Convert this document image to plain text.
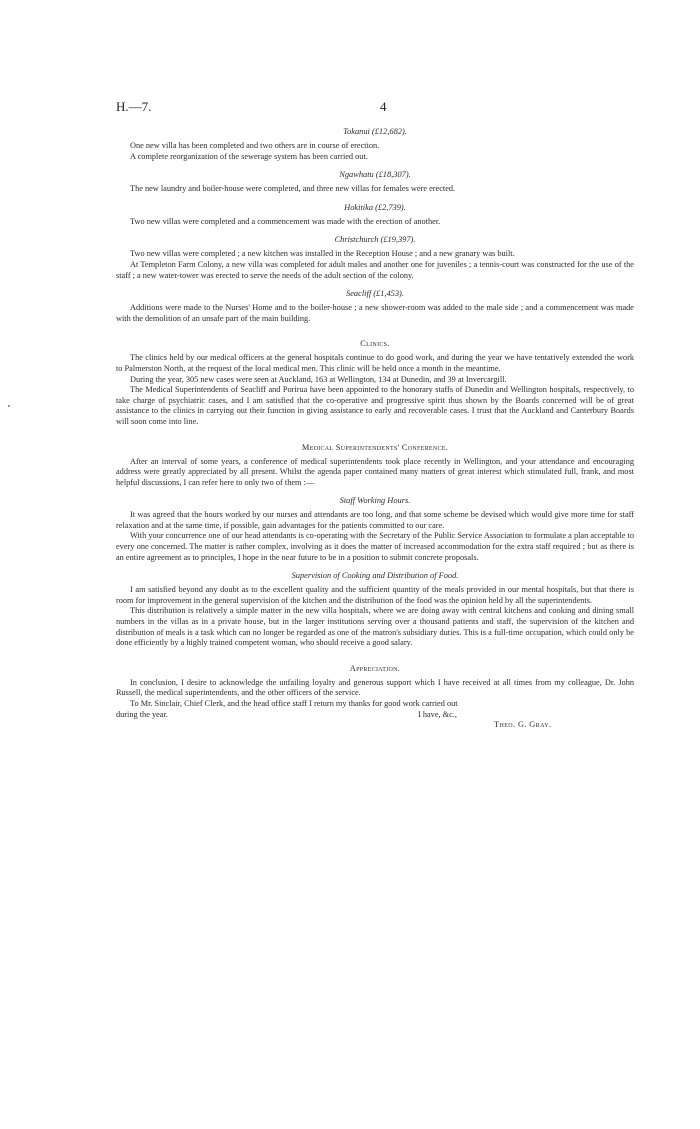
H.—7.	4
Tokanui (£12,682).

One new villa has been completed and two others are in course of erection.

A complete reorganization of the sewerage system has been carried out.

Ngawhatu (£18,307).

The new laundry and boiler-house were completed, and three new villas for females were erected.

Hokitika (£2,739).

Two new villas were completed and a commencement was made with the erection of another.

Christchurch (£19,397).

Two new villas were completed ; a new kitchen was installed in the Reception House ; and a new granary was built.

At Templeton Farm Colony, a new villa was completed for adult males and another one for juveniles ; a tennis-court was constructed for the use of the staff ; a new water-tower was erected to serve the needs of the adult section of the colony.

Seacliff (£1,453).

Additions were made to the Nurses' Home and to the boiler-house ; a new shower-room was added to the male side ; and a commencement was made with the demolition of an unsafe part of the main building.

Clinics.

The clinics held by our medical officers at the general hospitals continue to do good work, and during the year we have tentatively extended the work to Palmerston North, at the request of the local medical men. This clinic will be held once a month in the meantime.

During the year, 305 new cases were seen at Auckland, 163 at Wellington, 134 at Dunedin, and 39 at Invercargill.

The Medical Superintendents of Seacliff and Porirua have been appointed to the honorary staffs of Dunedin and Wellington hospitals, respectively, to take charge of psychiatric cases, and I am satisfied that the co-operative and progressive spirit thus shown by the Boards concerned will be of great assistance to the clinics in carrying out their function in giving assistance to early and recoverable cases. I trust that the Auckland and Canterbury Boards will soon come into line.

Medical Superintendents' Conference.

After an interval of some years, a conference of medical superintendents took place recently in Wellington, and your attendance and encouraging address were greatly appreciated by all present. Whilst the agenda paper contained many matters of great interest which stimulated full, frank, and most helpful discussions, I can refer here to only two of them :—

Staff Working Hours.

It was agreed that the hours worked by our nurses and attendants are too long, and that some scheme be devised which would give more time for staff relaxation and at the same time, if possible, gain advantages for the patients committed to our care.

With your concurrence one of our head attendants is co-operating with the Secretary of the Public Service Association to formulate a plan acceptable to every one concerned. The matter is rather complex, involving as it does the matter of increased accommodation for the extra staff required ; but as there is an entire agreement as to principles, I hope in the near future to be in a position to submit concrete proposals.

Supervision of Cooking and Distribution of Food.

I am satisfied beyond any doubt as to the excellent quality and the sufficient quantity of the meals provided in our mental hospitals, but that there is room for improvement in the general supervision of the kitchen and the distribution of the food was the opinion held by all the superintendents.

This distribution is relatively a simple matter in the new villa hospitals, where we are doing away with central kitchens and cooking and dining small numbers in the villas as in a private house, but in the larger institutions serving over a thousand patients and staff, the supervision of the kitchen and distribution of meals is a task which can no longer be regarded as one of the matron's subsidiary duties. This is a full-time occupation, which could only be done efficiently by a highly trained competent woman, who should receive a good salary.

Appreciation.

In conclusion, I desire to acknowledge the unfailing loyalty and generous support which I have received at all times from my colleague, Dr. John Russell, the medical superintendents, and the other officers of the service.

To Mr. Sinclair, Chief Clerk, and the head office staff I return my thanks for good work carried out

during the year.	I have, &c.,
Theo. G. Gray.
